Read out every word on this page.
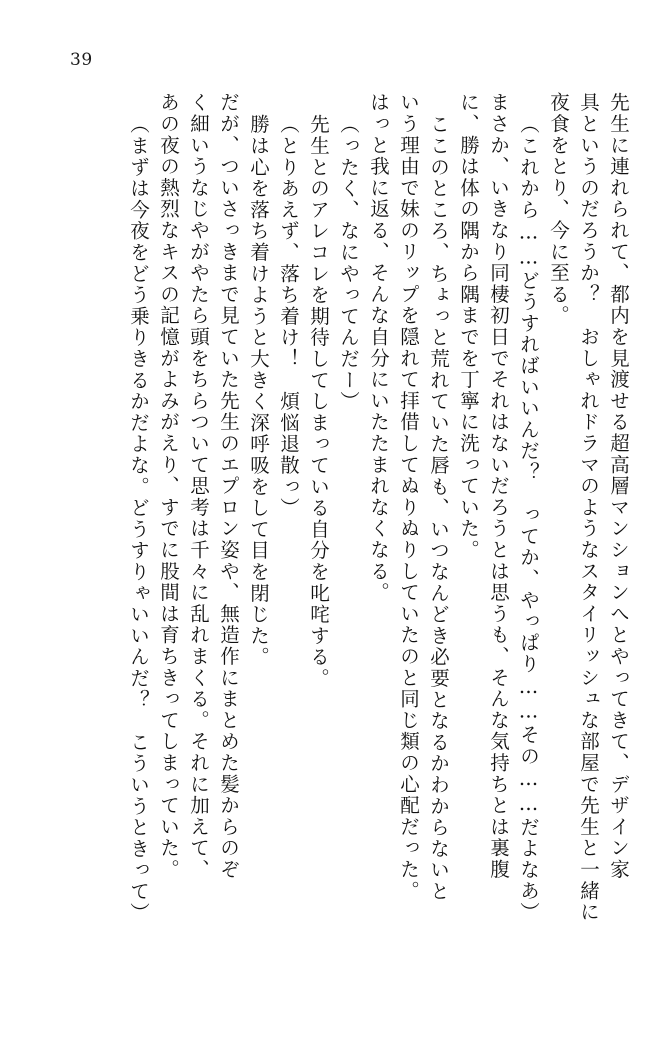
39
先生に連れられて、都内を見渡せる超高層マンションへとやってきて、デザイン家
具というのだろうか？　おしゃれドラマのようなスタイリッシュな部屋で先生と一緒に
夜食をとり、今に至る。
（これから……どうすればいいんだ？　ってか、やっぱり……その……だよなあ）
まさか、いきなり同棲初日でそれはないだろうとは思うも、そんな気持ちとは裏腹
に、勝は体の隅から隅までを丁寧に洗っていた。
ここのところ、ちょっと荒れていた唇も、いつなんどき必要となるかわからないと
いう理由で妹のリップを隠れて拝借してぬりぬりしていたのと同じ類の心配だった。
はっと我に返る、そんな自分にいたたまれなくなる。
（ったく、なにやってんだー）
先生とのアレコレを期待してしまっている自分を叱咤する。
（とりあえず、落ち着け！　煩悩退散っ）
勝は心を落ち着けようと大きく深呼吸をして目を閉じた。
だが、ついさっきまで見ていた先生のエプロン姿や、無造作にまとめた髪からのぞ
く細いうなじやがやたら頭をちらついて思考は千々に乱れまくる。それに加えて、
あの夜の熱烈なキスの記憶がよみがえり、すでに股間は育ちきってしまっていた。
（まずは今夜をどう乗りきるかだよな。どうすりゃいいんだ？　こういうときって）
